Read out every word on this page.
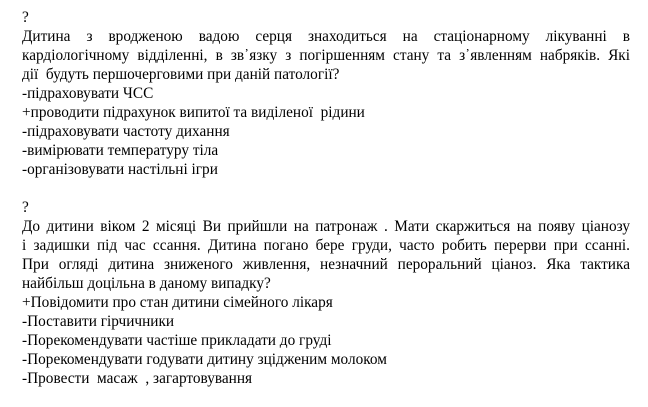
?
Дитина з вродженою вадою серця знаходиться на стаціонарному лікуванні в
кардіологічному відділенні, в зв᾽язку з погіршенням стану та з᾽явленням набряків. Які
дії  будуть першочерговими при даній патології?
-підраховувати ЧСС
+проводити підрахунок випитої та виділеної  рідини
-підраховувати частоту дихання
-вимірювати температуру тіла
-організовувати настільні ігри
?
До дитини віком 2 місяці Ви прийшли на патронаж . Мати скаржиться на появу ціанозу
і задишки під час ссання. Дитина погано бере груди, часто робить перерви при ссанні.
При огляді дитина зниженого живлення, незначний пероральний ціаноз. Яка тактика
найбільш доцільна в даному випадку?
+Повідомити про стан дитини сімейного лікаря
-Поставити гірчичники
-Порекомендувати частіше прикладати до груді
-Порекомендувати годувати дитину зцідженим молоком
-Провести  масаж  , загартовування
